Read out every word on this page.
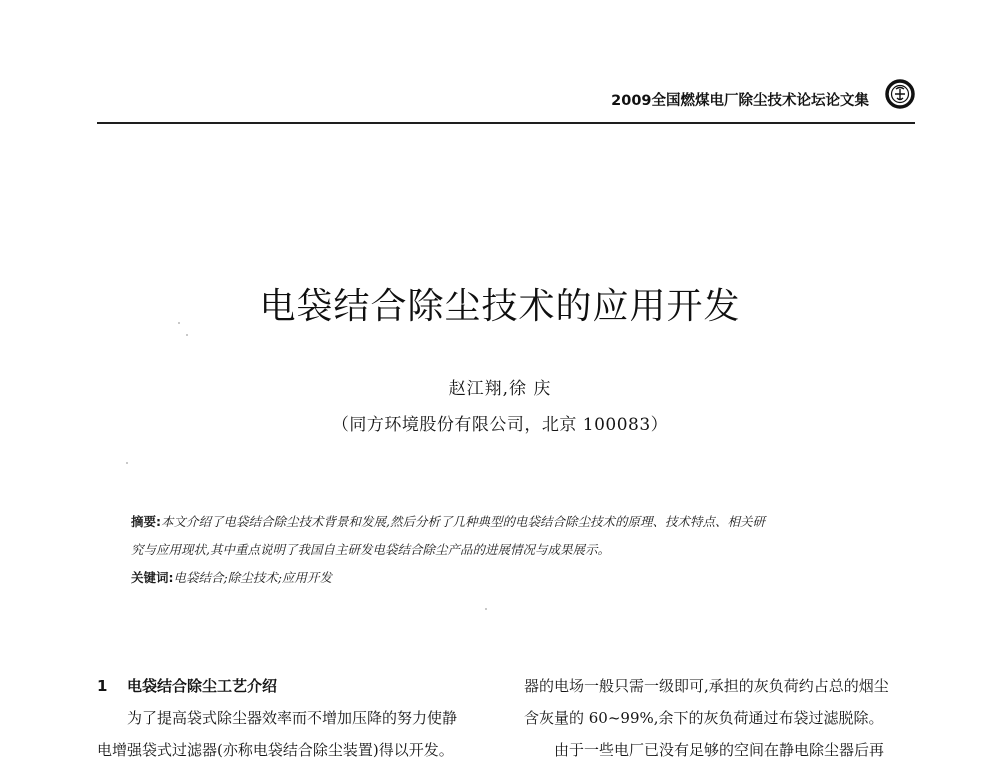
2009全国燃煤电厂除尘技术论坛论文集
电袋结合除尘技术的应用开发
赵江翔,徐 庆
（同方环境股份有限公司，北京 100083）
摘要:本文介绍了电袋结合除尘技术背景和发展,然后分析了几种典型的电袋结合除尘技术的原理、技术特点、相关研
究与应用现状,其中重点说明了我国自主研发电袋结合除尘产品的进展情况与成果展示。
关键词:电袋结合;除尘技术;应用开发
1 电袋结合除尘工艺介绍
为了提高袋式除尘器效率而不增加压降的努力使静
电增强袋式过滤器(亦称电袋结合除尘装置)得以开发。
器的电场一般只需一级即可,承担的灰负荷约占总的烟尘
含灰量的 60~99%,余下的灰负荷通过布袋过滤脱除。
由于一些电厂已没有足够的空间在静电除尘器后再
